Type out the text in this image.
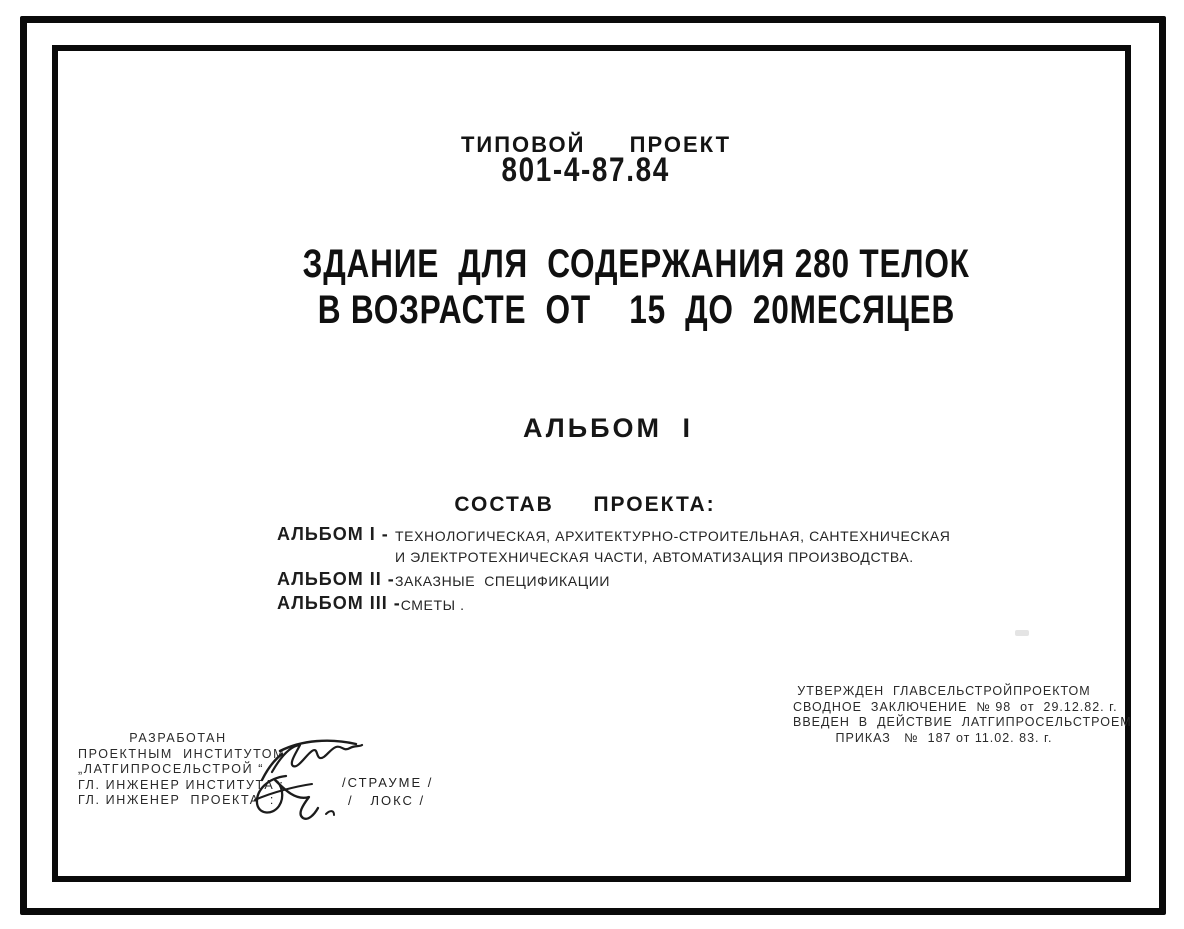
ТИПОВОЙ  ПРОЕКТ
801-4-87.84
ЗДАНИЕ  ДЛЯ  СОДЕРЖАНИЯ 280 ТЕЛОК
В ВОЗРАСТЕ  ОТ    15  ДО  20МЕСЯЦЕВ
АЛЬБОМ I
СОСТАВ  ПРОЕКТА:
АЛЬБОМ I - ТЕХНОЛОГИЧЕСКАЯ, АРХИТЕКТУРНО-СТРОИТЕЛЬНАЯ, САНТЕХНИЧЕСКАЯ
И ЭЛЕКТРОТЕХНИЧЕСКАЯ ЧАСТИ, АВТОМАТИЗАЦИЯ ПРОИЗВОДСТВА.
АЛЬБОМ II - ЗАКАЗНЫЕ  СПЕЦИФИКАЦИИ
АЛЬБОМ III - СМЕТЫ .
УТВЕРЖДЕН  ГЛАВСЕЛЬСТРОЙПРОЕКТОМ
СВОДНОЕ  ЗАКЛЮЧЕНИЕ  № 98  от  29.12.82. г.
ВВЕДЕН  В  ДЕЙСТВИЕ  ЛАТГИПРОСЕЛЬСТРОЕМ
ПРИКАЗ   №  187 от 11.02. 83. г.
РАЗРАБОТАН
ПРОЕКТНЫМ  ИНСТИТУТОМ
„ЛАТГИПРОСЕЛЬСТРОЙ “
ГЛ. ИНЖЕНЕР ИНСТИТУТА :
ГЛ. ИНЖЕНЕР  ПРОЕКТА  :
/СТРАУМЕ /
/   ЛОКС /
